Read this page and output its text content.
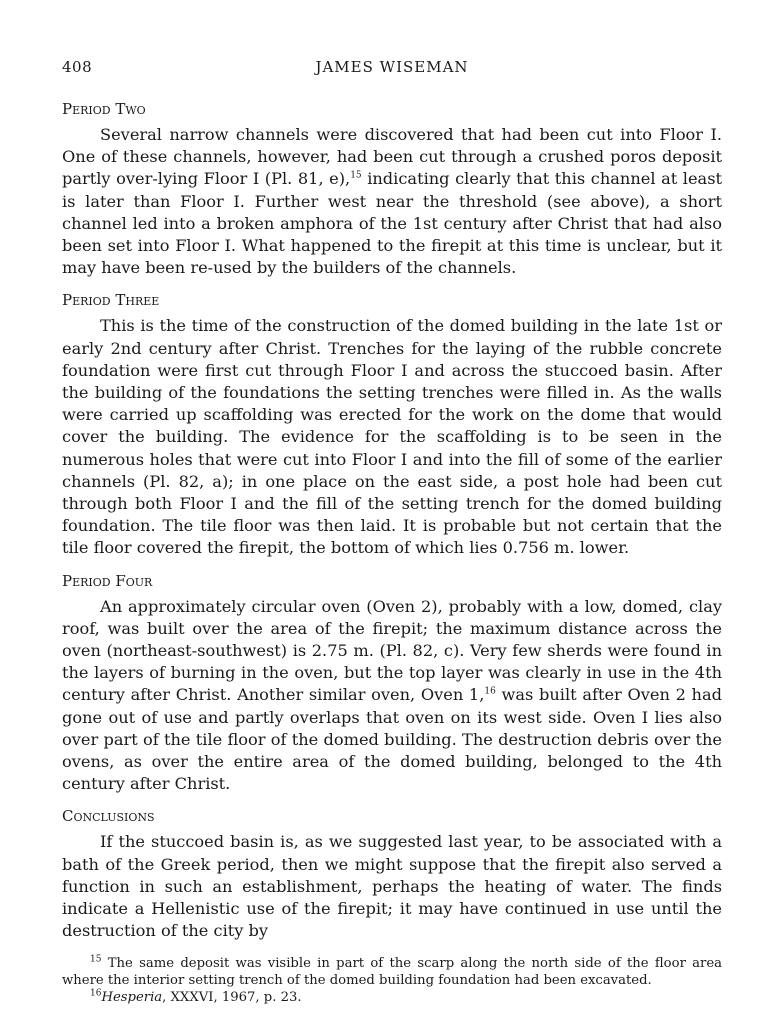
408	JAMES WISEMAN
Period Two

Several narrow channels were discovered that had been cut into Floor I. One of these channels, however, had been cut through a crushed poros deposit partly over-lying Floor I (Pl. 81, e),$^{15}$ indicating clearly that this channel at least is later than Floor I. Further west near the threshold (see above), a short channel led into a broken amphora of the 1st century after Christ that had also been set into Floor I. What happened to the firepit at this time is unclear, but it may have been re-used by the builders of the channels.

Period Three

This is the time of the construction of the domed building in the late 1st or early 2nd century after Christ. Trenches for the laying of the rubble concrete foundation were first cut through Floor I and across the stuccoed basin. After the building of the foundations the setting trenches were filled in. As the walls were carried up scaffolding was erected for the work on the dome that would cover the building. The evidence for the scaffolding is to be seen in the numerous holes that were cut into Floor I and into the fill of some of the earlier channels (Pl. 82, a); in one place on the east side, a post hole had been cut through both Floor I and the fill of the setting trench for the domed building foundation. The tile floor was then laid. It is probable but not certain that the tile floor covered the firepit, the bottom of which lies 0.756 m. lower.

Period Four

An approximately circular oven (Oven 2), probably with a low, domed, clay roof, was built over the area of the firepit; the maximum distance across the oven (northeast-southwest) is 2.75 m. (Pl. 82, c). Very few sherds were found in the layers of burning in the oven, but the top layer was clearly in use in the 4th century after Christ. Another similar oven, Oven 1,16 was built after Oven 2 had gone out of use and partly overlaps that oven on its west side. Oven I lies also over part of the tile floor of the domed building. The destruction debris over the ovens, as over the entire area of the domed building, belonged to the 4th century after Christ.

Conclusions

If the stuccoed basin is, as we suggested last year, to be associated with a bath of the Greek period, then we might suppose that the firepit also served a function in such an establishment, perhaps the heating of water. The finds indicate a Hellenistic use of the firepit; it may have continued in use until the destruction of the city by

$^{15}$ The same deposit was visible in part of the scarp along the north side of the floor area where the interior setting trench of the domed building foundation had been excavated.

$^{16}$Hesperia, XXXVI, 1967, p. 23.
